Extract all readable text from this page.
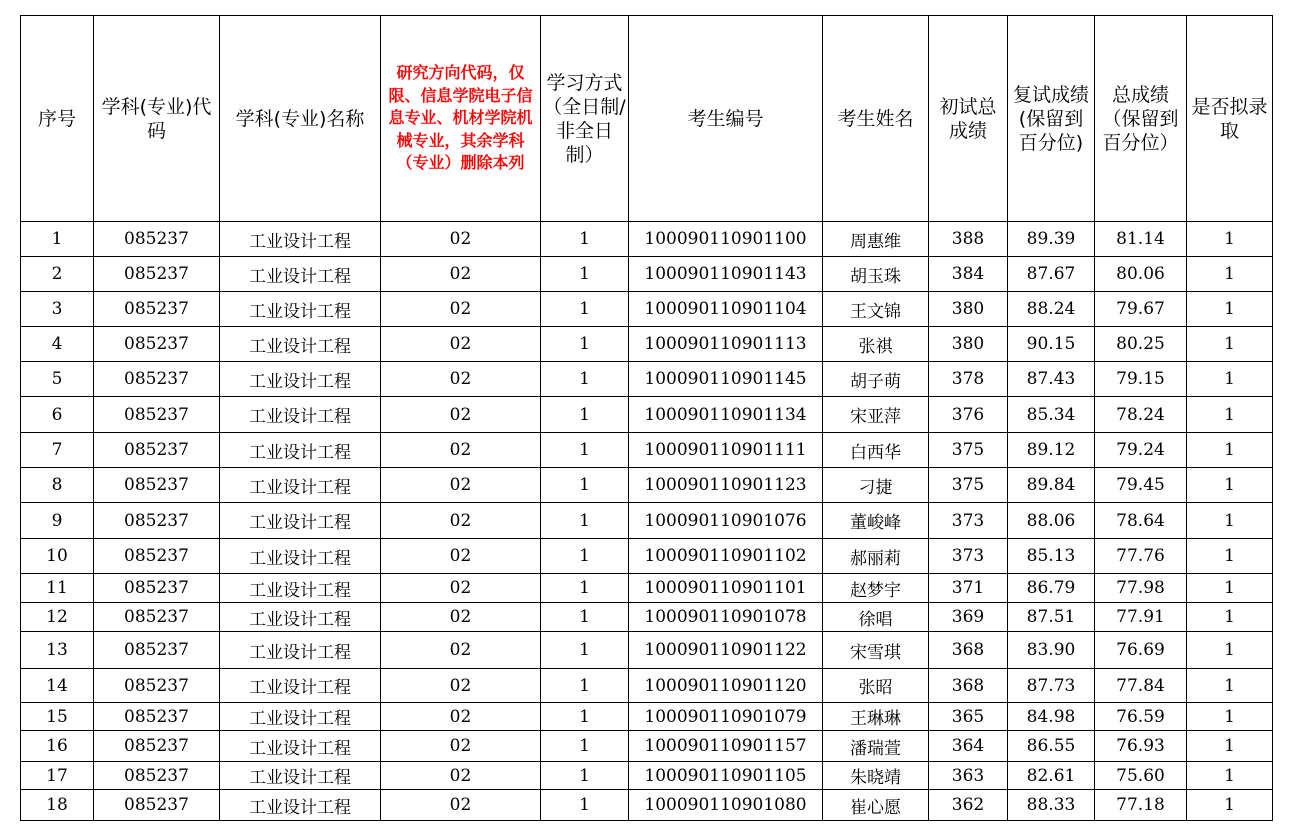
序号	学科(专业)代码	学科(专业)名称	研究方向代码，仅限、信息学院电子信息专业、机材学院机械专业，其余学科（专业）删除本列	学习方式（全日制/非全日制）	考生编号	考生姓名	初试总成绩	复试成绩(保留到百分位)	总成绩（保留到百分位）	是否拟录取
1	085237	工业设计工程	02	1	100090110901100	周惠维	388	89.39	81.14	1
2	085237	工业设计工程	02	1	100090110901143	胡玉珠	384	87.67	80.06	1
3	085237	工业设计工程	02	1	100090110901104	王文锦	380	88.24	79.67	1
4	085237	工业设计工程	02	1	100090110901113	张祺	380	90.15	80.25	1
5	085237	工业设计工程	02	1	100090110901145	胡子萌	378	87.43	79.15	1
6	085237	工业设计工程	02	1	100090110901134	宋亚萍	376	85.34	78.24	1
7	085237	工业设计工程	02	1	100090110901111	白西华	375	89.12	79.24	1
8	085237	工业设计工程	02	1	100090110901123	刁捷	375	89.84	79.45	1
9	085237	工业设计工程	02	1	100090110901076	董峻峰	373	88.06	78.64	1
10	085237	工业设计工程	02	1	100090110901102	郝丽莉	373	85.13	77.76	1
11	085237	工业设计工程	02	1	100090110901101	赵梦宇	371	86.79	77.98	1
12	085237	工业设计工程	02	1	100090110901078	徐唱	369	87.51	77.91	1
13	085237	工业设计工程	02	1	100090110901122	宋雪琪	368	83.90	76.69	1
14	085237	工业设计工程	02	1	100090110901120	张昭	368	87.73	77.84	1
15	085237	工业设计工程	02	1	100090110901079	王琳琳	365	84.98	76.59	1
16	085237	工业设计工程	02	1	100090110901157	潘瑞萱	364	86.55	76.93	1
17	085237	工业设计工程	02	1	100090110901105	朱晓靖	363	82.61	75.60	1
18	085237	工业设计工程	02	1	100090110901080	崔心愿	362	88.33	77.18	1
